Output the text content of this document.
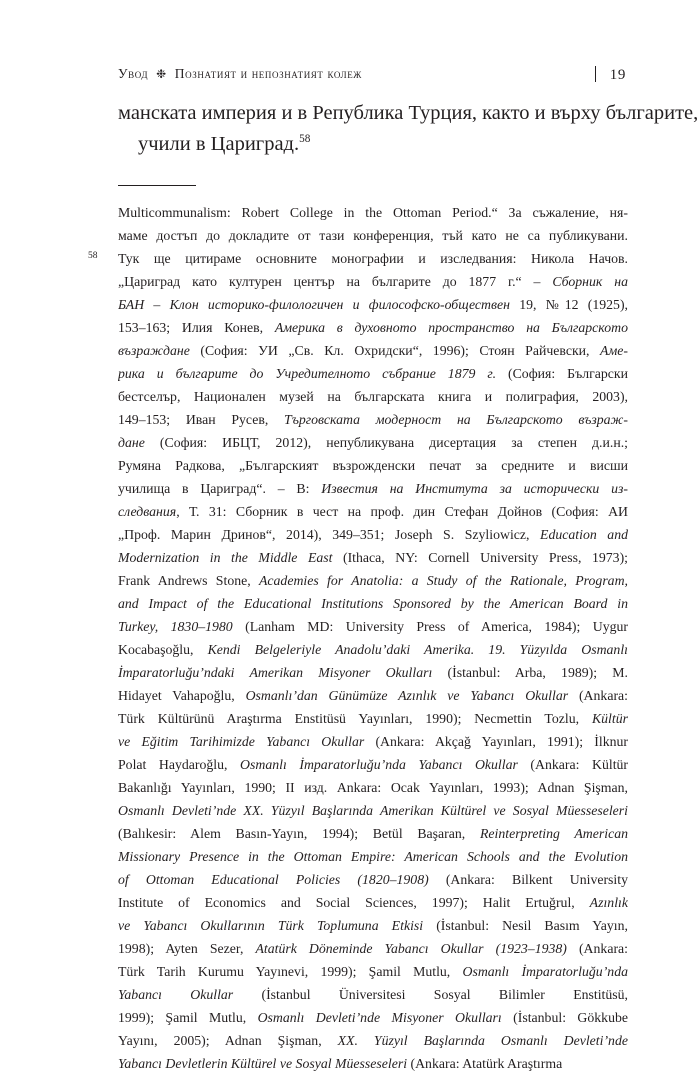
Увод ❉ Познатият и непознатият колеж	19
манската империя и в Република Турция, както и върху българите,
учили в Цариград.$^{58}$
Multicommunalism: Robert College in the Ottoman Period.“ За съжаление, ня-
маме достъп до докладите от тази конференция, тъй като не са публикувани.
58 Тук ще цитираме основните монографии и изследвания: Никола Начов.
„Цариград като културен център на българите до 1877 г.“ – Сборник на
БАН – Клон историко-филологичен и философско-обществен 19, №12 (1925),
153–163; Илия Конев, Америка в духовното пространство на Българското
възраждане (София: УИ „Св. Кл. Охридски“, 1996); Стоян Райчевски, Аме-
рика и българите до Учредителното събрание 1879 г. (София: Български
бестселър, Национален музей на българската книга и полиграфия, 2003),
149–153; Иван Русев, Търговската модерност на Българското възраж-
дане (София: ИБЦТ, 2012), непубликувана дисертация за степен д.и.н.;
Румяна Радкова, „Българският възрожденски печат за средните и висши
училища в Цариград“. – В: Известия на Института за исторически из-
следвания, Т. 31: Сборник в чест на проф. дин Стефан Дойнов (София: АИ
„Проф. Марин Дринов“, 2014), 349–351; Joseph S. Szyliowicz, Education and
Modernization in the Middle East (Ithaca, NY: Cornell University Press, 1973);
Frank Andrews Stone, Academies for Anatolia: a Study of the Rationale, Program,
and Impact of the Educational Institutions Sponsored by the American Board in
Turkey, 1830–1980 (Lanham MD: University Press of America, 1984); Uygur
Kocabaşoğlu, Kendi Belgeleriyle Anadolu’daki Amerika. 19. Yüzyılda Osmanlı
İmparatorluğu’ndaki Amerikan Misyoner Okulları (İstanbul: Arba, 1989); M.
Hidayet Vahapoğlu, Osmanlı’dan Günümüze Azınlık ve Yabancı Okullar (Ankara:
Türk Kültürünü Araştırma Enstitüsü Yayınları, 1990); Necmettin Tozlu, Kültür
ve Eğitim Tarihimizde Yabancı Okullar (Ankara: Akçağ Yayınları, 1991); İlknur
Polat Haydaroğlu, Osmanlı İmparatorluğu’nda Yabancı Okullar (Ankara: Kültür
Bakanlığı Yayınları, 1990; II изд. Ankara: Ocak Yayınları, 1993); Adnan Şişman,
Osmanlı Devleti’nde XX. Yüzyıl Başlarında Amerikan Kültürel ve Sosyal Müesseseleri
(Balıkesir: Alem Basın-Yayın, 1994); Betül Başaran, Reinterpreting American
Missionary Presence in the Ottoman Empire: American Schools and the Evolution
of Ottoman Educational Policies (1820–1908) (Ankara: Bilkent University
Institute of Economics and Social Sciences, 1997); Halit Ertuğrul, Azınlık
ve Yabancı Okullarının Türk Toplumuna Etkisi (İstanbul: Nesil Basım Yayın,
1998); Ayten Sezer, Atatürk Döneminde Yabancı Okullar (1923–1938) (Ankara:
Türk Tarih Kurumu Yayınevi, 1999); Şamil Mutlu, Osmanlı İmparatorluğu’nda
Yabancı Okullar (İstanbul Üniversitesi Sosyal Bilimler Enstitüsü,
1999); Şamil Mutlu, Osmanlı Devleti’nde Misyoner Okulları (İstanbul: Gökkube
Yayını, 2005); Adnan Şişman, XX. Yüzyıl Başlarında Osmanlı Devleti’nde
Yabancı Devletlerin Kültürel ve Sosyal Müesseseleri (Ankara: Atatürk Araştırma
